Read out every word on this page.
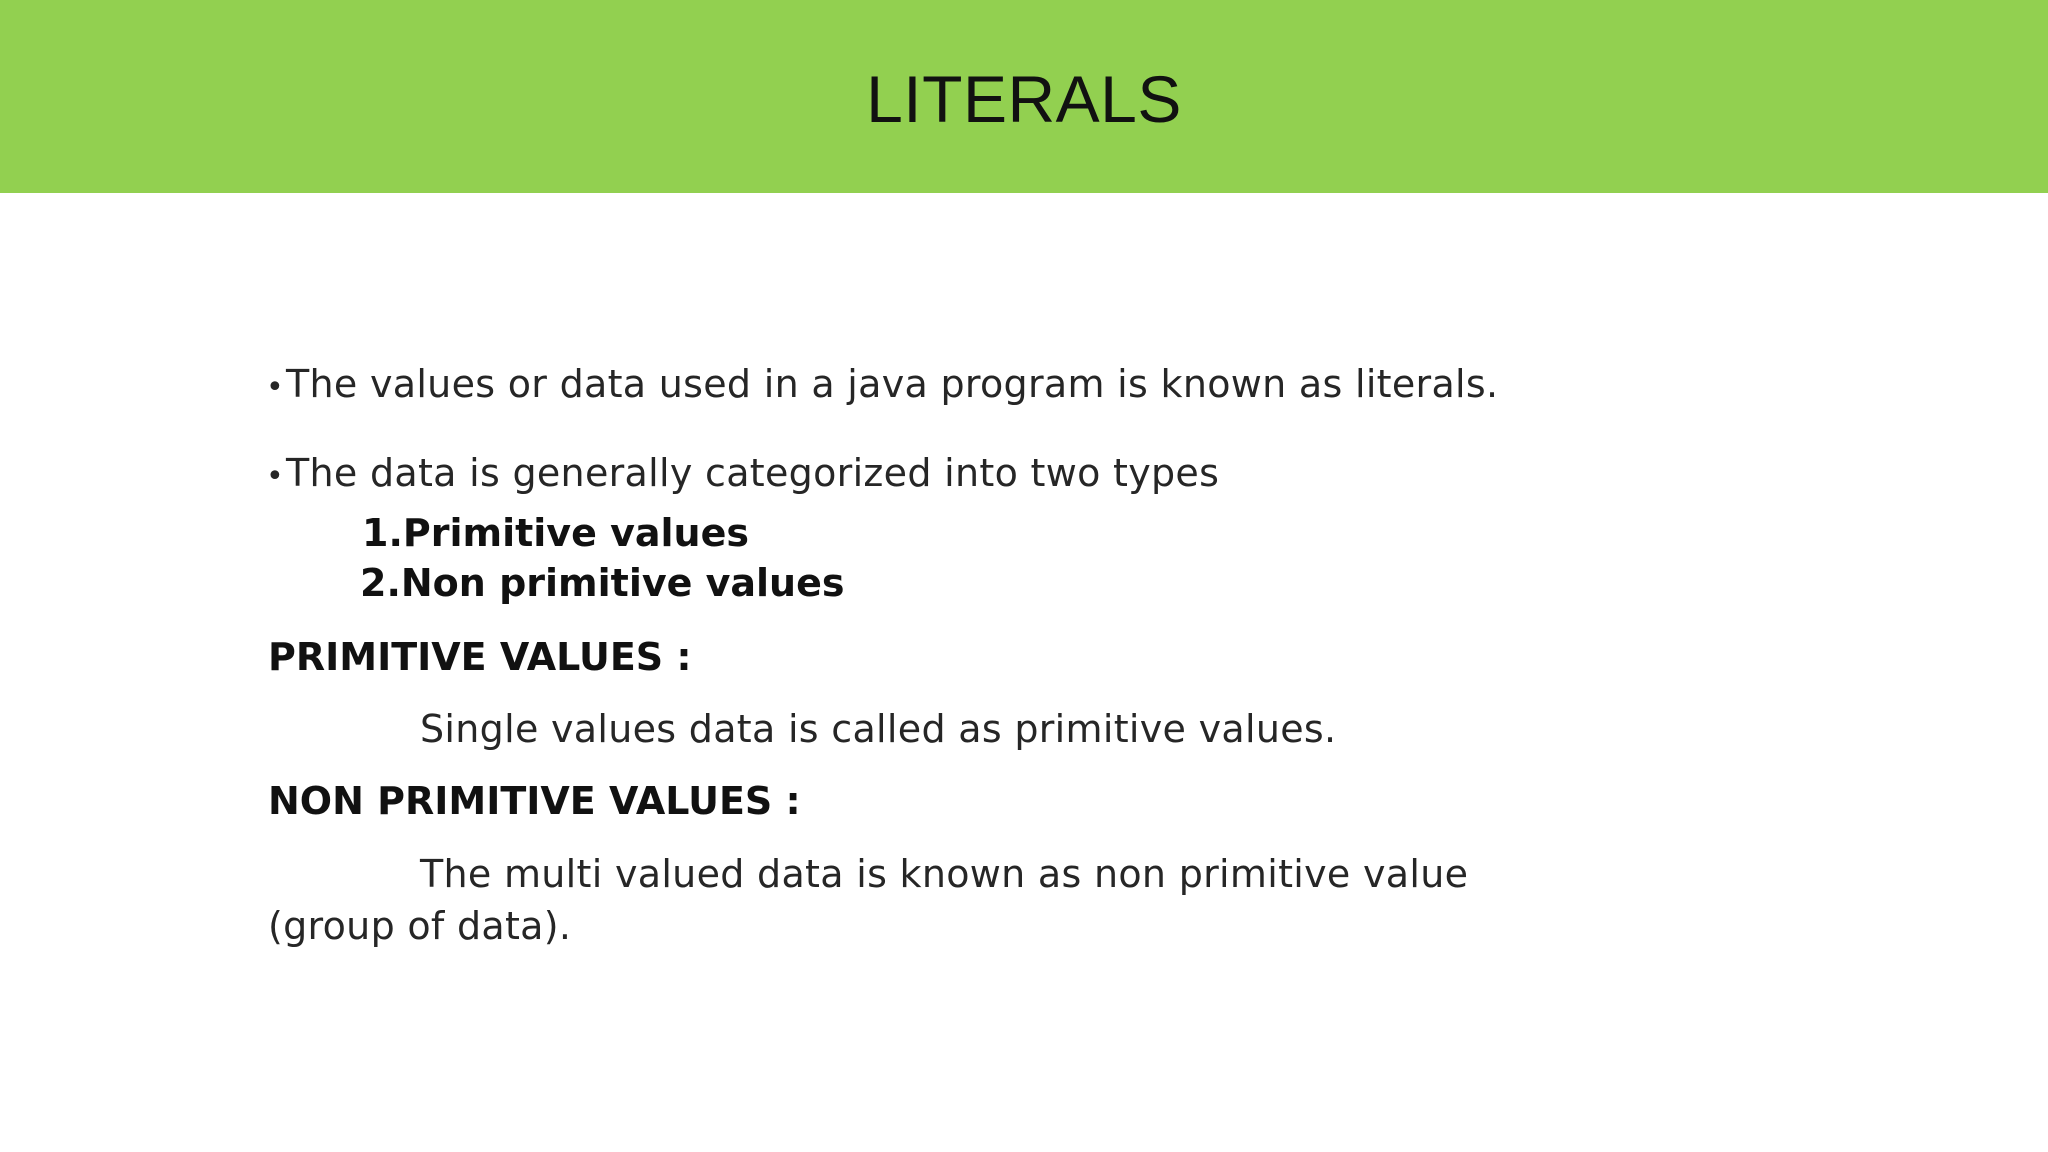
LITERALS
•The values or data used in a java program is known as literals.
•The data is generally categorized into two types
1.Primitive values
2.Non primitive values
PRIMITIVE VALUES :
Single values data is called as primitive values.
NON PRIMITIVE VALUES :
The multi valued data is known as non primitive value
(group of data).
